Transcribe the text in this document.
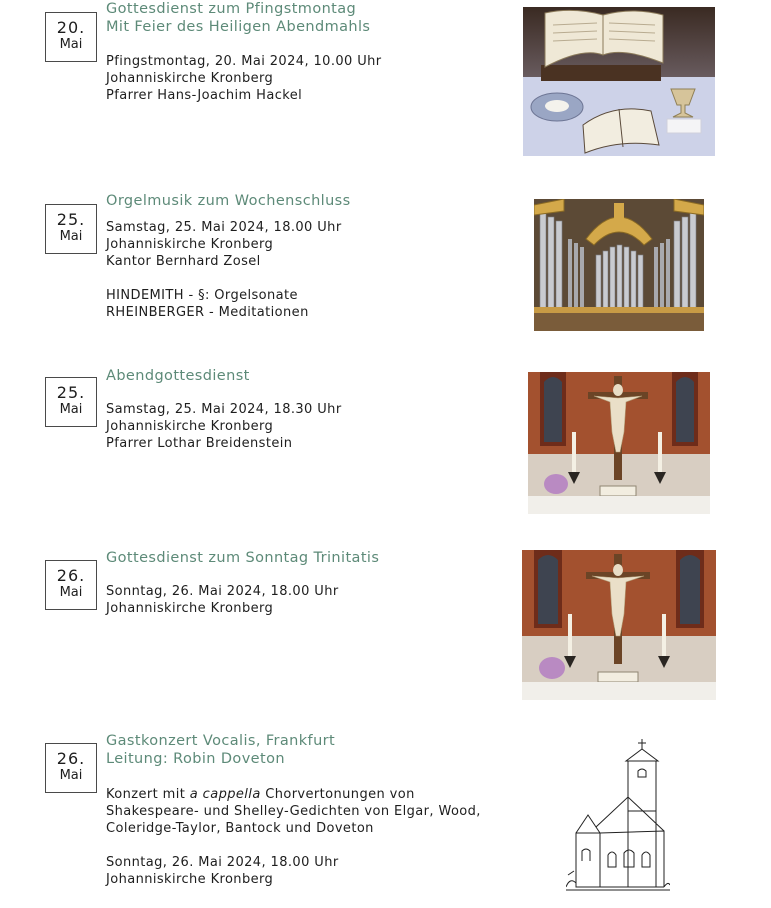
20.
Mai
Gottesdienst zum Pfingstmontag
Mit Feier des Heiligen Abendmahls
Pfingstmontag, 20. Mai 2024, 10.00 Uhr
Johanniskirche Kronberg
Pfarrer Hans-Joachim Hackel
25.
Mai
Orgelmusik zum Wochenschluss
Samstag, 25. Mai 2024, 18.00 Uhr
Johanniskirche Kronberg
Kantor Bernhard Zosel
HINDEMITH - §: Orgelsonate
RHEINBERGER - Meditationen
25.
Mai
Abendgottesdienst
Samstag, 25. Mai 2024, 18.30 Uhr
Johanniskirche Kronberg
Pfarrer Lothar Breidenstein
26.
Mai
Gottesdienst zum Sonntag Trinitatis
Sonntag, 26. Mai 2024, 18.00 Uhr
Johanniskirche Kronberg
26.
Mai
Gastkonzert Vocalis, Frankfurt
Leitung: Robin Doveton
Konzert mit a cappella Chorvertonungen von
Shakespeare- und Shelley-Gedichten von Elgar, Wood,
Coleridge-Taylor, Bantock und Doveton
Sonntag, 26. Mai 2024, 18.00 Uhr
Johanniskirche Kronberg
